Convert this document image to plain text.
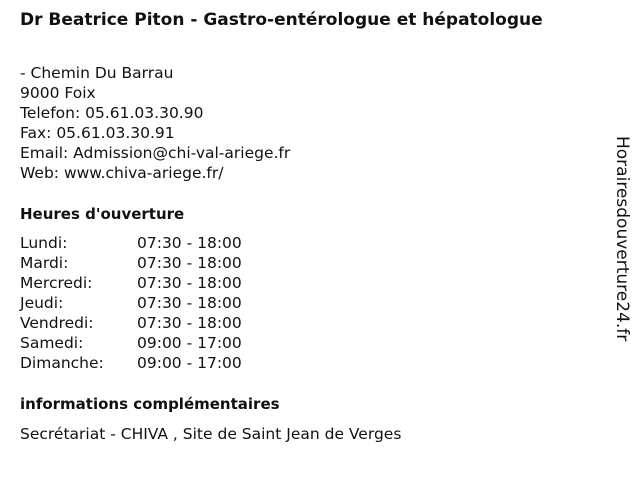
Dr Beatrice Piton - Gastro-entérologue et hépatologue
- Chemin Du Barrau
9000 Foix
Telefon: 05.61.03.30.90
Fax: 05.61.03.30.91
Email: Admission@chi-val-ariege.fr
Web: www.chiva-ariege.fr/
Heures d'ouverture
Lundi:	07:30 - 18:00
Mardi:	07:30 - 18:00
Mercredi:	07:30 - 18:00
Jeudi:	07:30 - 18:00
Vendredi:	07:30 - 18:00
Samedi:	09:00 - 17:00
Dimanche: 09:00 - 17:00
informations complémentaires
Secrétariat - CHIVA , Site de Saint Jean de Verges
Horairesdouverture24.fr
